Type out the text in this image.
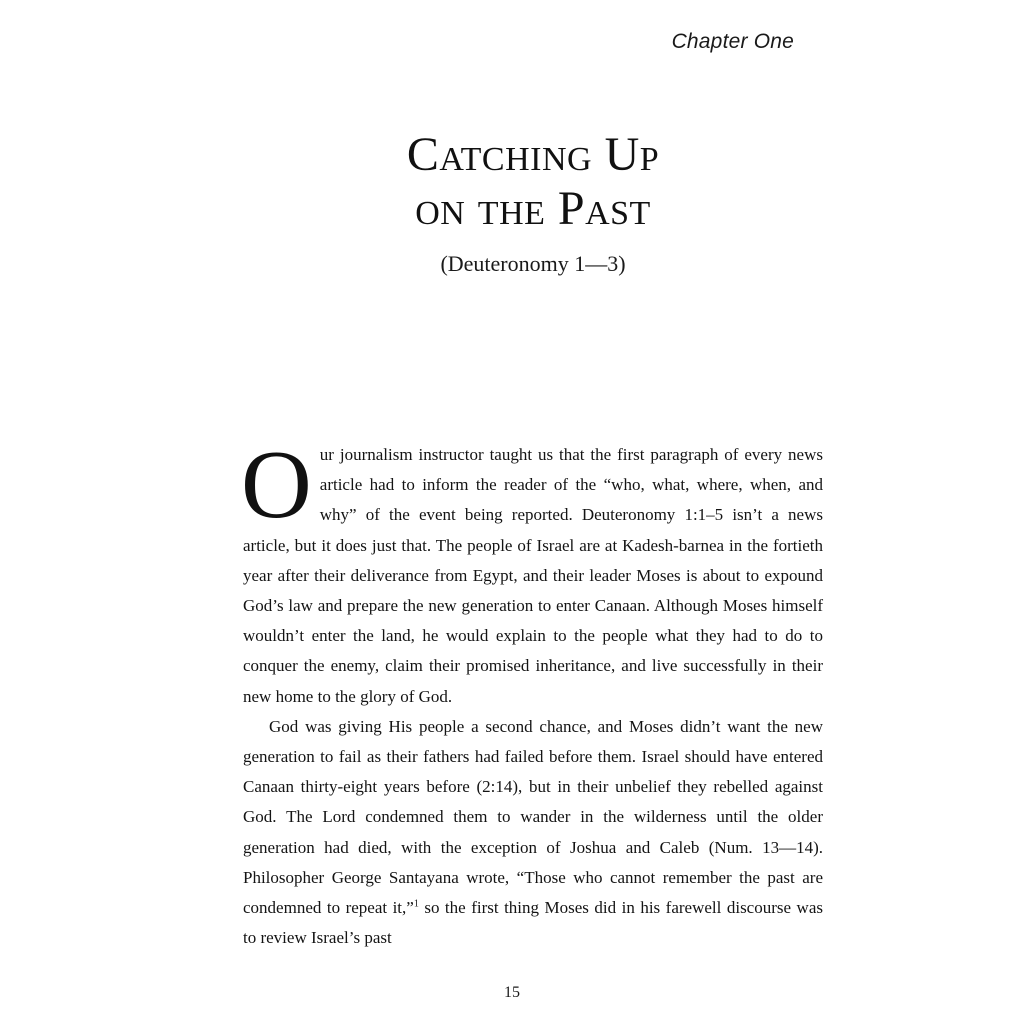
Chapter One
Catching Up
on the Past
(Deuteronomy 1—3)

Our journalism instructor taught us that the first paragraph of every news article had to inform the reader of the “who, what, where, when, and why” of the event being reported. Deuteronomy 1:1–5 isn’t a news article, but it does just that. The people of Israel are at Kadesh-barnea in the fortieth year after their deliverance from Egypt, and their leader Moses is about to expound God’s law and prepare the new generation to enter Canaan. Although Moses himself wouldn’t enter the land, he would explain to the people what they had to do to conquer the enemy, claim their promised inheritance, and live successfully in their new home to the glory of God.

God was giving His people a second chance, and Moses didn’t want the new generation to fail as their fathers had failed before them. Israel should have entered Canaan thirty-eight years before (2:14), but in their unbelief they rebelled against God. The Lord condemned them to wander in the wilderness until the older generation had died, with the exception of Joshua and Caleb (Num. 13—14). Philosopher George Santayana wrote, “Those who cannot remember the past are condemned to repeat it,”$^1$ so the first thing Moses did in his farewell discourse was to review Israel’s past

15
